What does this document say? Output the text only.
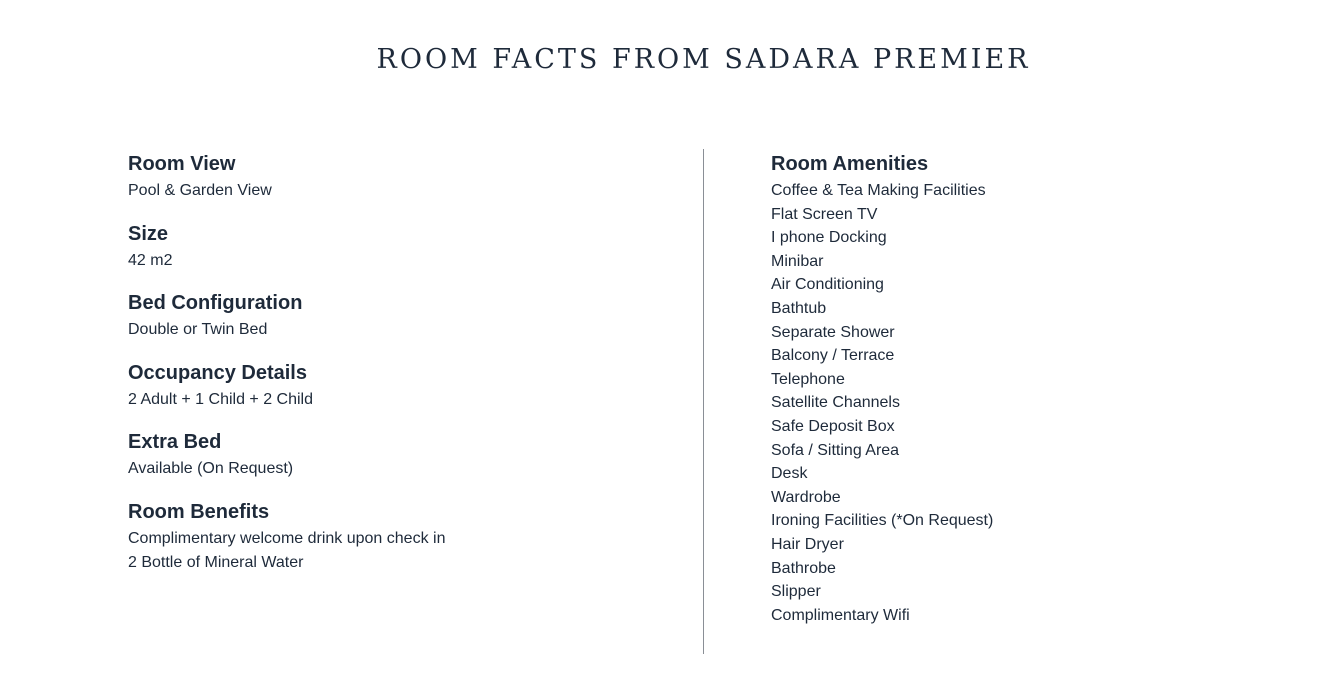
ROOM FACTS FROM SADARA PREMIER
Room View
Pool & Garden View
Size
42 m2
Bed Configuration
Double or Twin Bed
Occupancy Details
2 Adult + 1 Child + 2 Child
Extra Bed
Available (On Request)
Room Benefits
Complimentary welcome drink upon check in
2 Bottle of Mineral Water
Room Amenities
Coffee & Tea Making Facilities
Flat Screen TV
I phone Docking
Minibar
Air Conditioning
Bathtub
Separate Shower
Balcony / Terrace
Telephone
Satellite Channels
Safe Deposit Box
Sofa / Sitting Area
Desk
Wardrobe
Ironing Facilities (*On Request)
Hair Dryer
Bathrobe
Slipper
Complimentary Wifi
